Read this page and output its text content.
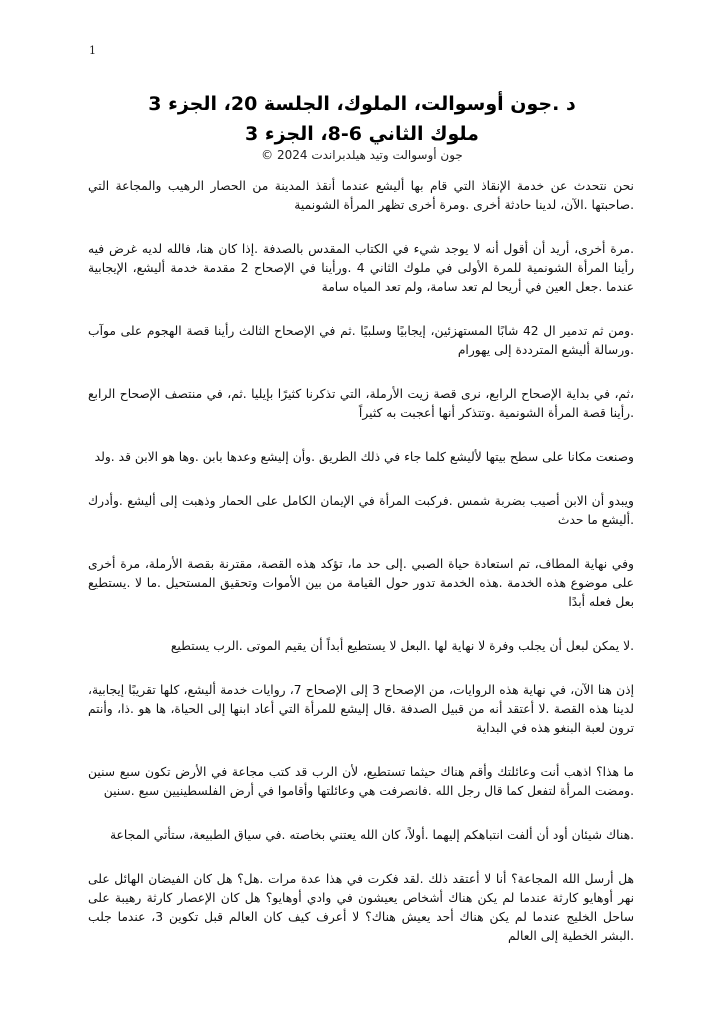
1
د .جون أوسوالت، الملوك، الجلسة 20، الجزء 3
ملوك الثاني 6-8، الجزء 3
جون أوسوالت وتيد هيلدبراندت 2024 ©

نحن نتحدث عن خدمة الإنقاذ التي قام بها أليشع عندما أنقذ المدينة من الحصار الرهيب والمجاعة التي .صاحبتها .الآن، لدينا حادثة أخرى .ومرة أخرى تظهر المرأة الشونمية

.مرة أخرى، أريد أن أقول أنه لا يوجد شيء في الكتاب المقدس بالصدفة .إذا كان هنا، فالله لديه غرض فيه رأينا المرأة الشونمية للمرة الأولى في ملوك الثاني 4 .ورأينا في الإصحاح 2 مقدمة خدمة أليشع، الإيجابية عندما .جعل العين في أريحا لم تعد سامة، ولم تعد المياه سامة

.ومن ثم تدمير ال 42 شابًا المستهزئين، إيجابيًا وسلبيًا .ثم في الإصحاح الثالث رأينا قصة الهجوم على موآب .ورسالة أليشع المترددة إلى يهورام

،ثم، في بداية الإصحاح الرابع، نرى قصة زيت الأرملة، التي تذكرنا كثيرًا بإيليا .ثم، في منتصف الإصحاح الرابع .رأينا قصة المرأة الشونمية .وتتذكر أنها أعجبت به كثيراً

وصنعت مكانا على سطح بيتها لأليشع كلما جاء في ذلك الطريق .وأن إليشع وعدها بابن .وها هو الابن قد .ولد

ويبدو أن الابن أصيب بضربة شمس .فركبت المرأة في الإيمان الكامل على الحمار وذهبت إلى أليشع .وأدرك .أليشع ما حدث

وفي نهاية المطاف، تم استعادة حياة الصبي .إلى حد ما، تؤكد هذه القصة، مقترنة بقصة الأرملة، مرة أخرى على موضوع هذه الخدمة .هذه الخدمة تدور حول القيامة من بين الأموات وتحقيق المستحيل .ما لا .يستطيع بعل فعله أبدًا

.لا يمكن لبعل أن يجلب وفرة لا نهاية لها .البعل لا يستطيع أبداً أن يقيم الموتى .الرب يستطيع

إذن هنا الآن، في نهاية هذه الروايات، من الإصحاح 3 إلى الإصحاح 7، روايات خدمة أليشع، كلها تقريبًا إيجابية، لدينا هذه القصة .لا أعتقد أنه من قبيل الصدفة .قال إليشع للمرأة التي أعاد ابنها إلى الحياة، ها هو .ذا، وأنتم ترون لعبة البنغو هذه في البداية

ما هذا؟ اذهب أنت وعائلتك وأقم هناك حيثما تستطيع، لأن الرب قد كتب مجاعة في الأرض تكون سبع سنين .ومضت المرأة لتفعل كما قال رجل الله .فانصرفت هي وعائلتها وأقاموا في أرض الفلسطينيين سبع .سنين

.هناك شيئان أود أن ألفت انتباهكم إليهما .أولاً، كان الله يعتني بخاصته .في سياق الطبيعة، ستأتي المجاعة

هل أرسل الله المجاعة؟ أنا لا أعتقد ذلك .لقد فكرت في هذا عدة مرات .هل؟ هل كان الفيضان الهائل على نهر أوهايو كارثة عندما لم يكن هناك أشخاص يعيشون في وادي أوهايو؟ هل كان الإعصار كارثة رهيبة على ساحل الخليج عندما لم يكن هناك أحد يعيش هناك؟ لا أعرف كيف كان العالم قبل تكوين 3، عندما جلب .البشر الخطية إلى العالم
